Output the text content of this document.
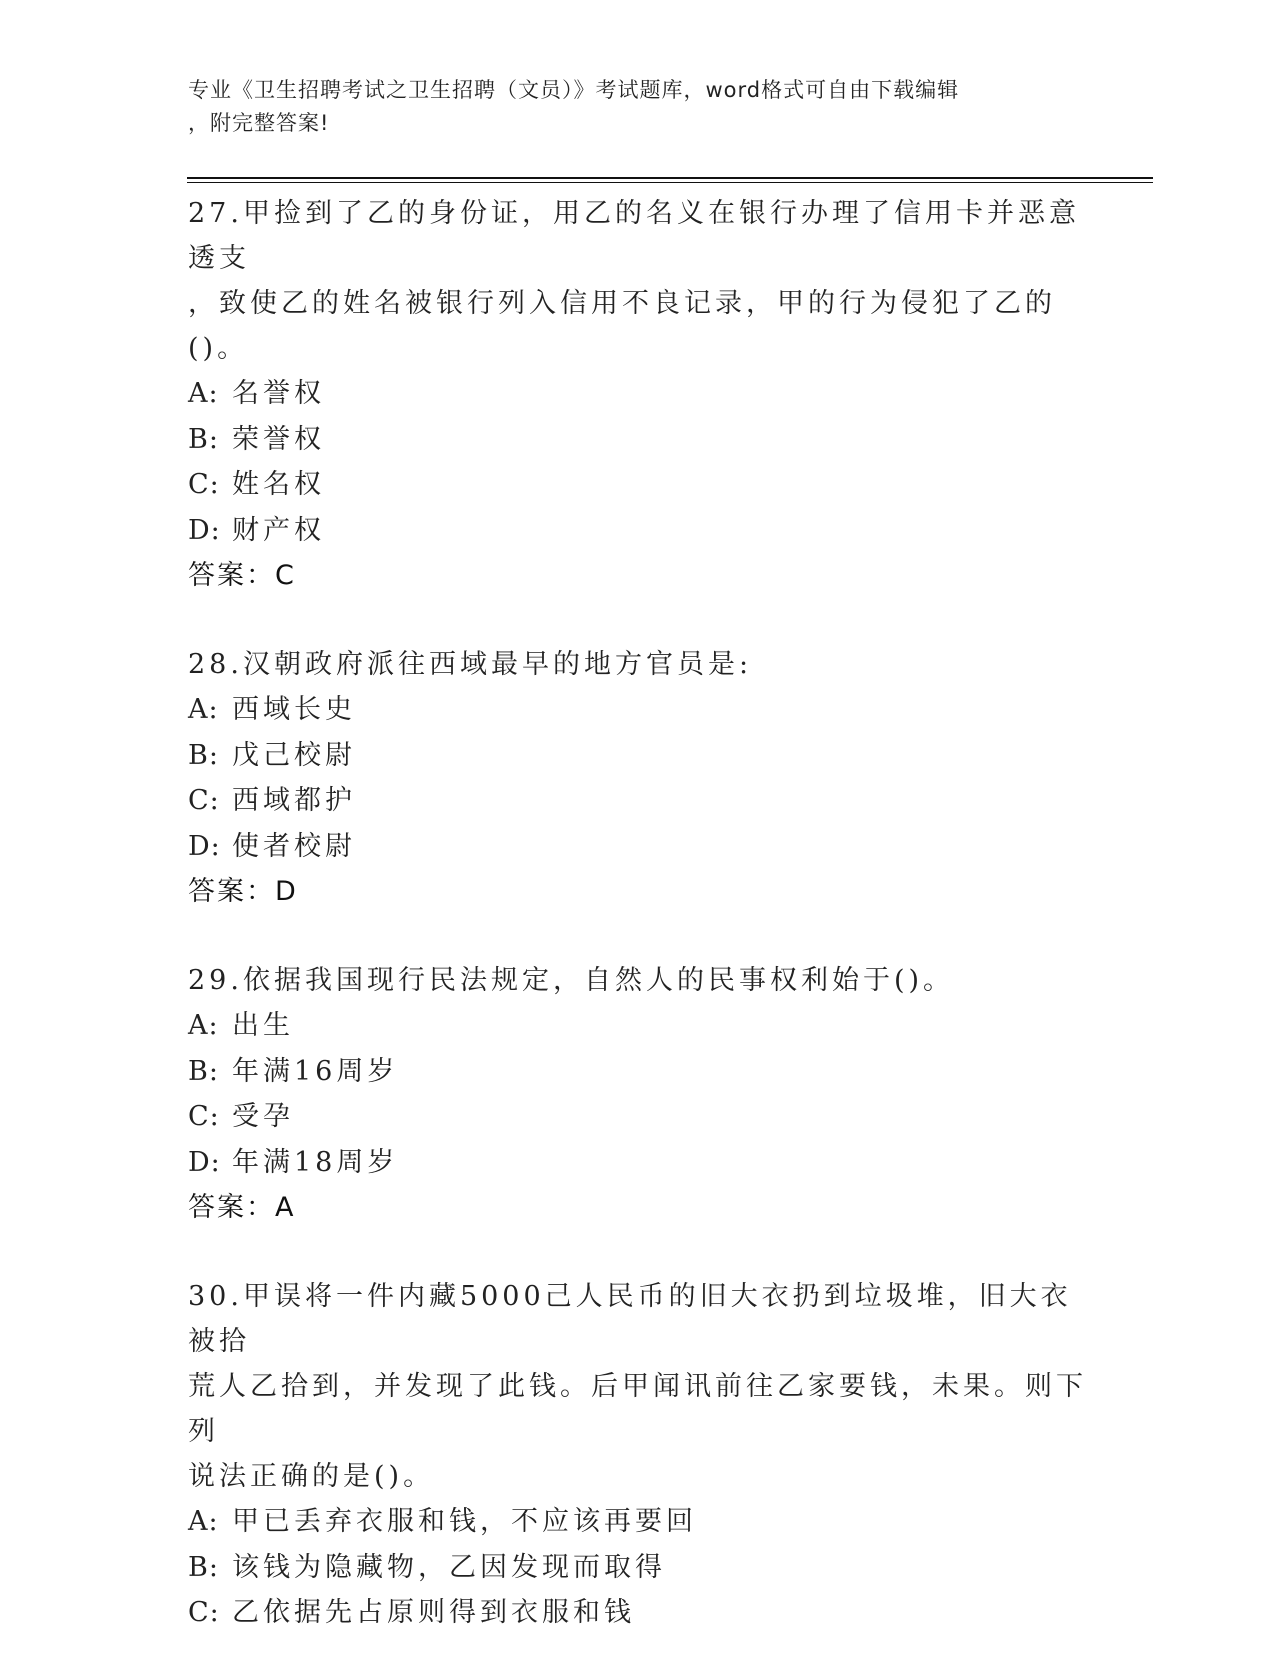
专业《卫生招聘考试之卫生招聘（文员）》考试题库，word格式可自由下载编辑
，附完整答案!

27.甲捡到了乙的身份证，用乙的名义在银行办理了信用卡并恶意透支

，致使乙的姓名被银行列入信用不良记录，甲的行为侵犯了乙的()。

A: 名誉权

B: 荣誉权

C: 姓名权

D: 财产权

答案：C

28.汉朝政府派往西域最早的地方官员是:

A: 西域长史

B: 戊己校尉

C: 西域都护

D: 使者校尉

答案：D

29.依据我国现行民法规定，自然人的民事权利始于()。

A: 出生

B: 年满16周岁

C: 受孕

D: 年满18周岁

答案：A

30.甲误将一件内藏5000己人民币的旧大衣扔到垃圾堆，旧大衣被拾

荒人乙拾到，并发现了此钱。后甲闻讯前往乙家要钱，未果。则下列

说法正确的是()。

A: 甲已丢弃衣服和钱，不应该再要回

B: 该钱为隐藏物，乙因发现而取得

C: 乙依据先占原则得到衣服和钱
